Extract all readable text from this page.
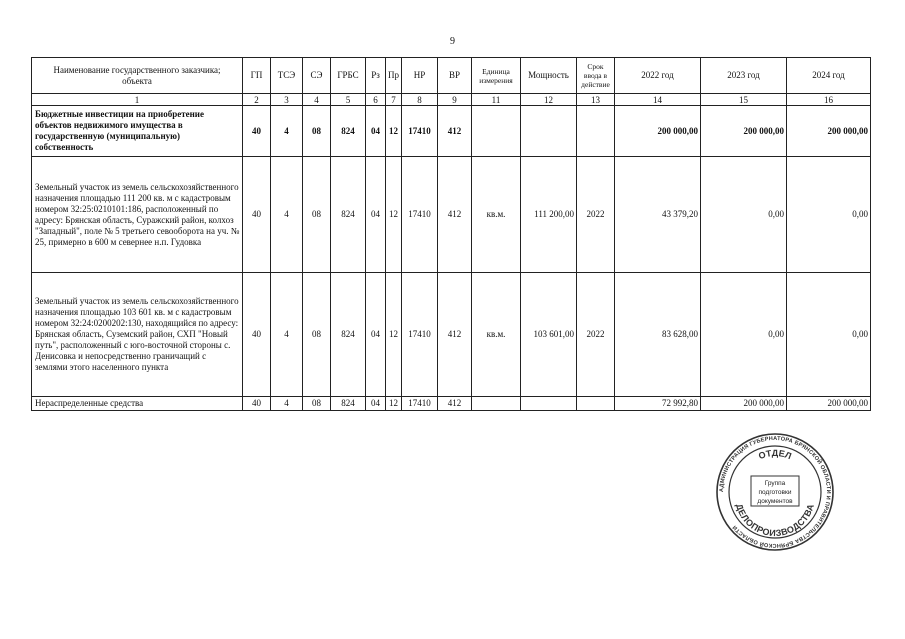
9
Наименование государственного заказчика;
объекта	ГП	ТСЭ	СЭ	ГРБС	Рз	Пр	НР	ВР	Единица измерения	Мощность	Срок ввода в действие	2022 год	2023 год	2024 год
1	2	3	4	5	6	7	8	9	11	12	13	14	15	16
Бюджетные инвестиции на приобретение объектов недвижимого имущества в государственную (муниципальную) собственность	40	4	08	824	04	12	17410	412				200 000,00	200 000,00	200 000,00
Земельный участок из земель сельскохозяйственного назначения площадью 111 200 кв. м с кадастровым номером 32:25:0210101:186, расположенный по адресу: Брянская область, Суражский район, колхоз "Западный", поле № 5 третьего севооборота на уч. № 25, примерно в 600 м севернее н.п. Гудовка	40	4	08	824	04	12	17410	412	кв.м.	111 200,00	2022	43 379,20	0,00	0,00
Земельный участок из земель сельскохозяйственного назначения площадью 103 601 кв. м с кадастровым номером 32:24:0200202:130, находящийся по адресу: Брянская область, Суземский район, СХП "Новый путь", расположенный с юго-восточной стороны с. Денисовка и непосредственно граничащий с землями этого населенного пункта	40	4	08	824	04	12	17410	412	кв.м.	103 601,00	2022	83 628,00	0,00	0,00
Нераспределенные средства	40	4	08	824	04	12	17410	412				72 992,80	200 000,00	200 000,00
АДМИНИСТРАЦИЯ ГУБЕРНАТОРА БРЯНСКОЙ ОБЛАСТИ И ПРАВИТЕЛЬСТВА БРЯНСКОЙ ОБЛАСТИ
ОТДЕЛ
ДЕЛОПРОИЗВОДСТВА
Группа
подготовки
документов
